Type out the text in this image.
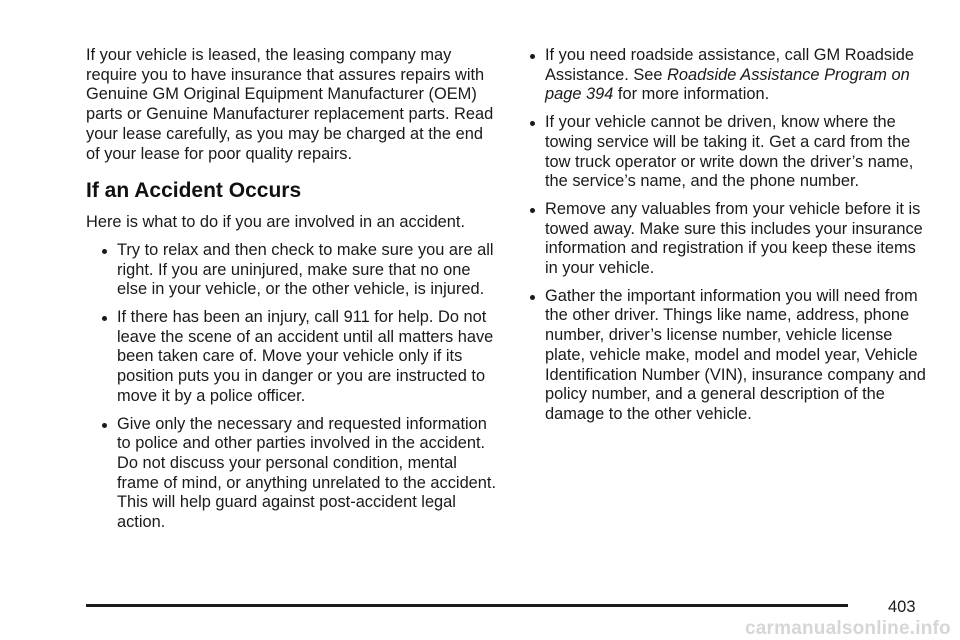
If your vehicle is leased, the leasing company may require you to have insurance that assures repairs with Genuine GM Original Equipment Manufacturer (OEM) parts or Genuine Manufacturer replacement parts. Read your lease carefully, as you may be charged at the end of your lease for poor quality repairs.

If an Accident Occurs

Here is what to do if you are involved in an accident.

Try to relax and then check to make sure you are all right. If you are uninjured, make sure that no one else in your vehicle, or the other vehicle, is injured.
If there has been an injury, call 911 for help. Do not leave the scene of an accident until all matters have been taken care of. Move your vehicle only if its position puts you in danger or you are instructed to move it by a police officer.
Give only the necessary and requested information to police and other parties involved in the accident. Do not discuss your personal condition, mental frame of mind, or anything unrelated to the accident. This will help guard against post-accident legal action.
If you need roadside assistance, call GM Roadside Assistance. See Roadside Assistance Program on page 394 for more information.
If your vehicle cannot be driven, know where the towing service will be taking it. Get a card from the tow truck operator or write down the driver’s name, the service’s name, and the phone number.
Remove any valuables from your vehicle before it is towed away. Make sure this includes your insurance information and registration if you keep these items in your vehicle.
Gather the important information you will need from the other driver. Things like name, address, phone number, driver’s license number, vehicle license plate, vehicle make, model and model year, Vehicle Identification Number (VIN), insurance company and policy number, and a general description of the damage to the other vehicle.
403
carmanualsonline.info
